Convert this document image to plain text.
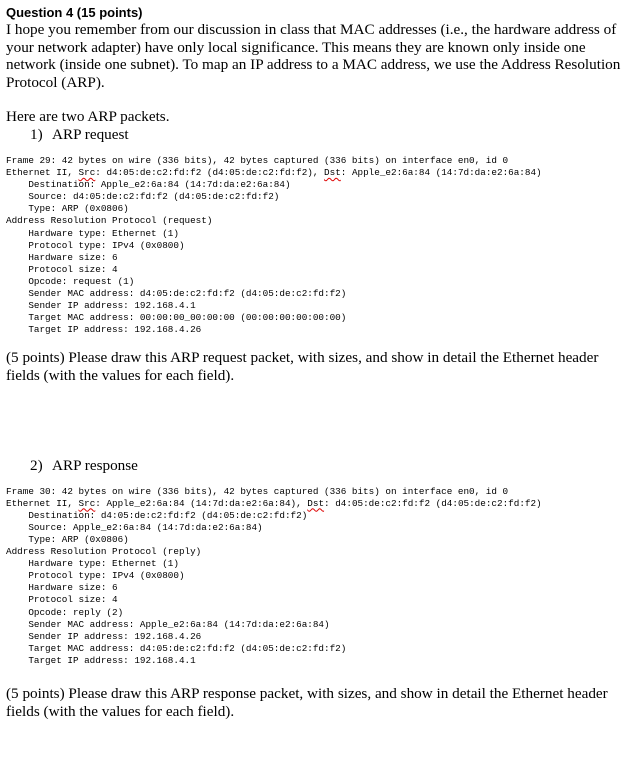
Question 4 (15 points)

I hope you remember from our discussion in class that MAC addresses (i.e., the hardware address of your network adapter) have only local significance. This means they are known only inside one network (inside one subnet). To map an IP address to a MAC address, we use the Address Resolution Protocol (ARP).

Here are two ARP packets.

1) ARP request

Frame 29: 42 bytes on wire (336 bits), 42 bytes captured (336 bits) on interface en0, id 0
Ethernet II, Src: d4:05:de:c2:fd:f2 (d4:05:de:c2:fd:f2), Dst: Apple_e2:6a:84 (14:7d:da:e2:6a:84)
Destination: Apple_e2:6a:84 (14:7d:da:e2:6a:84)
Source: d4:05:de:c2:fd:f2 (d4:05:de:c2:fd:f2)
Type: ARP (0x0806)
Address Resolution Protocol (request)
Hardware type: Ethernet (1)
Protocol type: IPv4 (0x0800)
Hardware size: 6
Protocol size: 4
Opcode: request (1)
Sender MAC address: d4:05:de:c2:fd:f2 (d4:05:de:c2:fd:f2)
Sender IP address: 192.168.4.1
Target MAC address: 00:00:00_00:00:00 (00:00:00:00:00:00)
Target IP address: 192.168.4.26

(5 points) Please draw this ARP request packet, with sizes, and show in detail the Ethernet header fields (with the values for each field).

2) ARP response

Frame 30: 42 bytes on wire (336 bits), 42 bytes captured (336 bits) on interface en0, id 0
Ethernet II, Src: Apple_e2:6a:84 (14:7d:da:e2:6a:84), Dst: d4:05:de:c2:fd:f2 (d4:05:de:c2:fd:f2)
Destination: d4:05:de:c2:fd:f2 (d4:05:de:c2:fd:f2)
Source: Apple_e2:6a:84 (14:7d:da:e2:6a:84)
Type: ARP (0x0806)
Address Resolution Protocol (reply)
Hardware type: Ethernet (1)
Protocol type: IPv4 (0x0800)
Hardware size: 6
Protocol size: 4
Opcode: reply (2)
Sender MAC address: Apple_e2:6a:84 (14:7d:da:e2:6a:84)
Sender IP address: 192.168.4.26
Target MAC address: d4:05:de:c2:fd:f2 (d4:05:de:c2:fd:f2)
Target IP address: 192.168.4.1

(5 points) Please draw this ARP response packet, with sizes, and show in detail the Ethernet header fields (with the values for each field).
